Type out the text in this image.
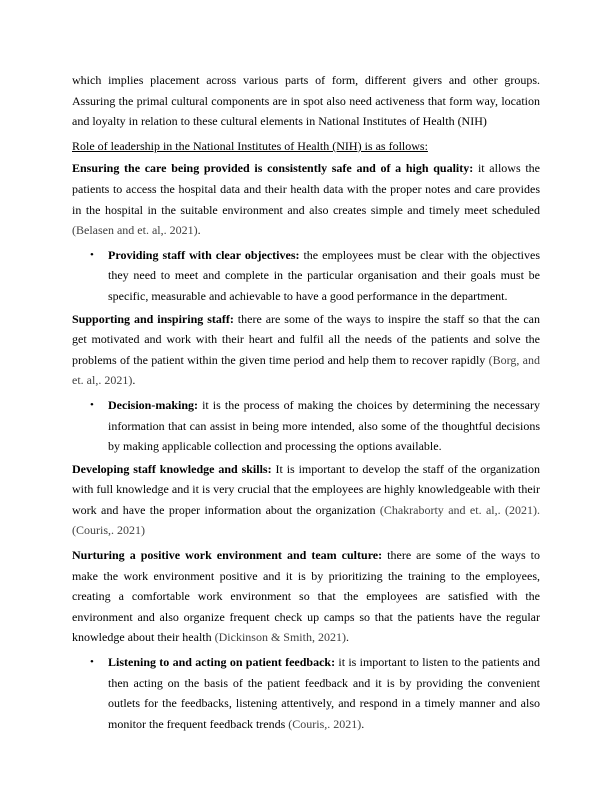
which implies placement across various parts of form, different givers and other groups. Assuring the primal cultural components are in spot also need activeness that form way, location and loyalty in relation to these cultural elements in National Institutes of Health (NIH)

Role of leadership in the National Institutes of Health (NIH) is as follows:

Ensuring the care being provided is consistently safe and of a high quality: it allows the patients to access the hospital data and their health data with the proper notes and care provides in the hospital in the suitable environment and also creates simple and timely meet scheduled (Belasen and et. al,. 2021).

• Providing staff with clear objectives: the employees must be clear with the objectives they need to meet and complete in the particular organisation and their goals must be specific, measurable and achievable to have a good performance in the department.

Supporting and inspiring staff: there are some of the ways to inspire the staff so that the can get motivated and work with their heart and fulfil all the needs of the patients and solve the problems of the patient within the given time period and help them to recover rapidly (Borg, and et. al,. 2021).

• Decision-making: it is the process of making the choices by determining the necessary information that can assist in being more intended, also some of the thoughtful decisions by making applicable collection and processing the options available.

Developing staff knowledge and skills: It is important to develop the staff of the organization with full knowledge and it is very crucial that the employees are highly knowledgeable with their work and have the proper information about the organization (Chakraborty and et. al,. (2021). (Couris,. 2021)

Nurturing a positive work environment and team culture: there are some of the ways to make the work environment positive and it is by prioritizing the training to the employees, creating a comfortable work environment so that the employees are satisfied with the environment and also organize frequent check up camps so that the patients have the regular knowledge about their health (Dickinson & Smith, 2021).

• Listening to and acting on patient feedback: it is important to listen to the patients and then acting on the basis of the patient feedback and it is by providing the convenient outlets for the feedbacks, listening attentively, and respond in a timely manner and also monitor the frequent feedback trends (Couris,. 2021).
